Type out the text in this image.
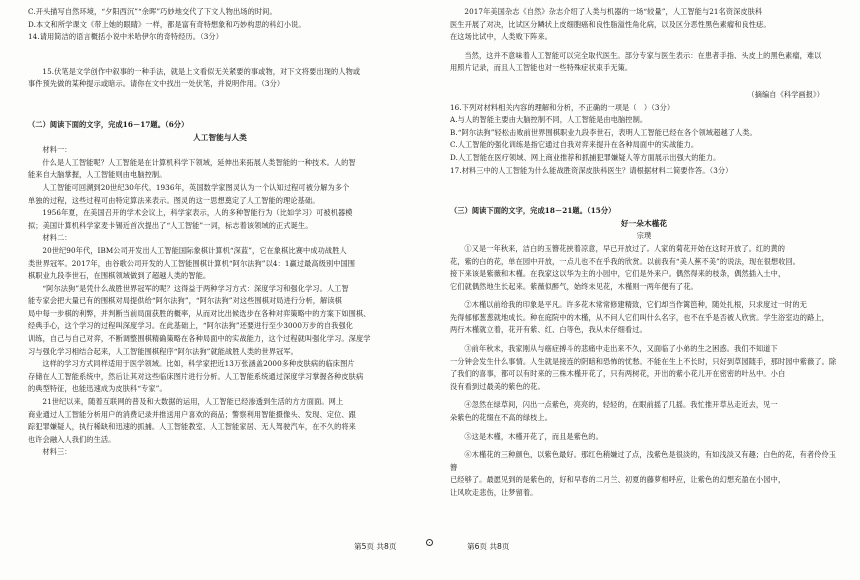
C.开头描写自然环境，“夕阳西沉”“余晖”巧妙地交代了下文人物出场的时间。

D.本文和所学课文《带上她的眼睛》一样，都是富有奇特想象和巧妙构思的科幻小说。

14.请用简洁的语言概括小说中米哈伊尔的奇特经历。（3分）

15.伏笔是文学创作中叙事的一种手法，就是上文看似无关紧要的事或物，对下文将要出现的人物或

事件预先做的某种提示或暗示。请你在文中找出一处伏笔，并说明作用。（3分）

（二）阅读下面的文字，完成16－17题。（6分）

人工智能与人类

材料一：

什么是人工智能呢？人工智能是在计算机科学下领域，延伸出来拓展人类智能的一种技术。人的智

能来自大脑掌握，人工智能则由电脑控制。

人工智能可回溯到20世纪30年代。1936年，英国数学家图灵认为一个认知过程可被分解为多个

单独的过程，这些过程可由特定算法来表示。图灵的这一思想奠定了人工智能的理论基础。

1956年夏，在美国召开的学术会议上，科学家表示，人的多种智能行为（比如学习）可被机器模

拟；美国计算机科学家麦卡锡近首次提出了“人工智能”一词，标志着该领域的正式诞生。

材料二：

20世纪90年代，IBM公司开发出人工智能国际象棋计算机“深蓝”，它在象棋比赛中成功战胜人

类世界冠军。2017年，由谷歌公司开发的人工智能围棋计算机“阿尔法狗”以4：1赢过最高级别中国围

棋职业九段李世石，在围棋领域做到了超越人类的智能。

“阿尔法狗”是凭什么战胜世界冠军的呢？这得益于两种学习方式：深度学习和强化学习。人工智

能专家会把大量已有的围棋对局提供给“阿尔法狗”，“阿尔法狗”对这些围棋对局进行分析，解读棋

局中每一步棋的利弊，并判断当前局面获胜的概率，从而对比出候选步在各种对弈策略中的方案下如围棋、

经典手心，这个学习的过程叫深度学习。在此基础上，“阿尔法狗”还要进行至少3000万步的自我强化

训练，自己与自己对弈，不断调整围棋精确策略在各种局面中的实战能力，这个过程就叫强化学习。深度学

习与强化学习相结合起来，人工智能围棋程序“阿尔法狗”就能战胜人类的世界冠军。

这样的学习方式同样适用于医学领域。比如，科学家把近13万张涵盖2000多种皮肤病的临床图片

存储在人工智能系统中，然后让其对这些临床图片进行分析。人工智能系统通过深度学习掌握各种皮肤病

的典型特征，也能迅速成为皮肤科“专家”。

21世纪以来，随着互联网的普及和大数据的运用，人工智能已经渗透到生活的方方面面。网上

商业通过人工智能分析用户的消费记录并推送用户喜欢的商品；警察利用智能摄像头、发现、定位、跟

踪犯罪嫌疑人，执行稀缺和迅速的抓捕。人工智能教室、人工智能家居、无人驾驶汽车，在不久的将来

也许会融入人我们的生活。

材料三：

2017年美国杂志《自然》杂志介绍了人类与机器的一场“较量”，人工智能与21名资深皮肤科

医生开展了对决，比试区分鳞状上皮细胞癌和良性脂溢性角化病，以及区分恶性黑色素瘤和良性痣。

在这场比试中，人类败下阵来。

当然，这并不意味着人工智能可以完全取代医生。部分专家与医生表示：在患者手指、头皮上的黑色素瘤，难以

用照片记录，而且人工智能也对一些特殊症状束手无策。

（摘编自《科学画报》）

16.下列对材料相关内容的理解和分析，不正确的一项是（　）（3分）

A.与人的智能主要由大脑控制不同，人工智能是由电脑控制。

B.“阿尔法狗”轻松击败前世界围棋职业九段李世石，表明人工智能已经在各个领域超越了人类。

C.人工智能的强化训练是指它通过自我对弈来提升在各种局面中的实战能力。

D.人工智能在医疗领域、网上商业推荐和抓捕犯罪嫌疑人等方面展示出强大的能力。

17.材料三中的人工智能为什么能战胜资深皮肤科医生？请根据材料二简要作答。（3分）

（三）阅读下面的文字，完成18－21题。（15分）

好一朵木槿花

宗璞

①又是一年秋来，洁白的玉簪花挟着凉意，早已开放过了。人家的菊花开始在这时开放了。红的黄的

花，紫的白的花，单在园中开放，一点儿也不在乎我的欣赏。以前我有“美人蕉不美”的说法，现在很想收回。

接下来该是紫薇和木槿。在我家这以华为主的小园中，它们是外来户。偶然得来的枝条，偶然插入土中，

它们就偶然地生长起来。紫薇似醉气，始终未见花，木槿则一两年便有了花。

②木槿以前给我的印象是平凡。许多花木常常修建精致，它们却当作篱笆种，随处扎根，只求度过一时的无

先得郁郁葱葱就地成长。种在庭院中的木槿，从不问人它们叫什么名字，也不在乎是否被人欣赏。学生浴室边的路上，

两行木槿就立着，花开有紫、红、白等色，我从未仔细看过。

③前年秋末，我家刚从与癌症搏斗的悲痛中走出来不久，又面临了小弟的生之困惑。我们不知道下

一分钟会发生什么事情。人生就是接连的阴暗和恐怖的忧愁。不能在生上不长时，只好到草园随手，那时园中紫薇了。除

了我们的喜事，都可以有时来的三株木槿开花了，只有两树花，开出的紫小花儿开在密密的叶丛中。小白

没有看到过最美的紫色的花。

④忽然在绿草间，闪出一点紫色，亮亮的，轻轻的，在眼前摇了几摇。我忙推开草丛走近去，见一

朵紫色的花缀在不高的绿枝上。

⑤这是木槿，木槿开花了，而且是紫色的。

⑥木槿花的三种颜色，以紫色最好。那红色稍嫌过了点，浅紫色是很淡的，有如浅淡又有趣；白色的花，有者伶伶玉簪

已经够了。最愿见到的是紫色的，好和早春的二月兰、初夏的藤萝相呼应，让紫色的幻想充盈在小园中，

让风吹走悲伤，让梦留着。

第5页 共8页	第6页 共8页
